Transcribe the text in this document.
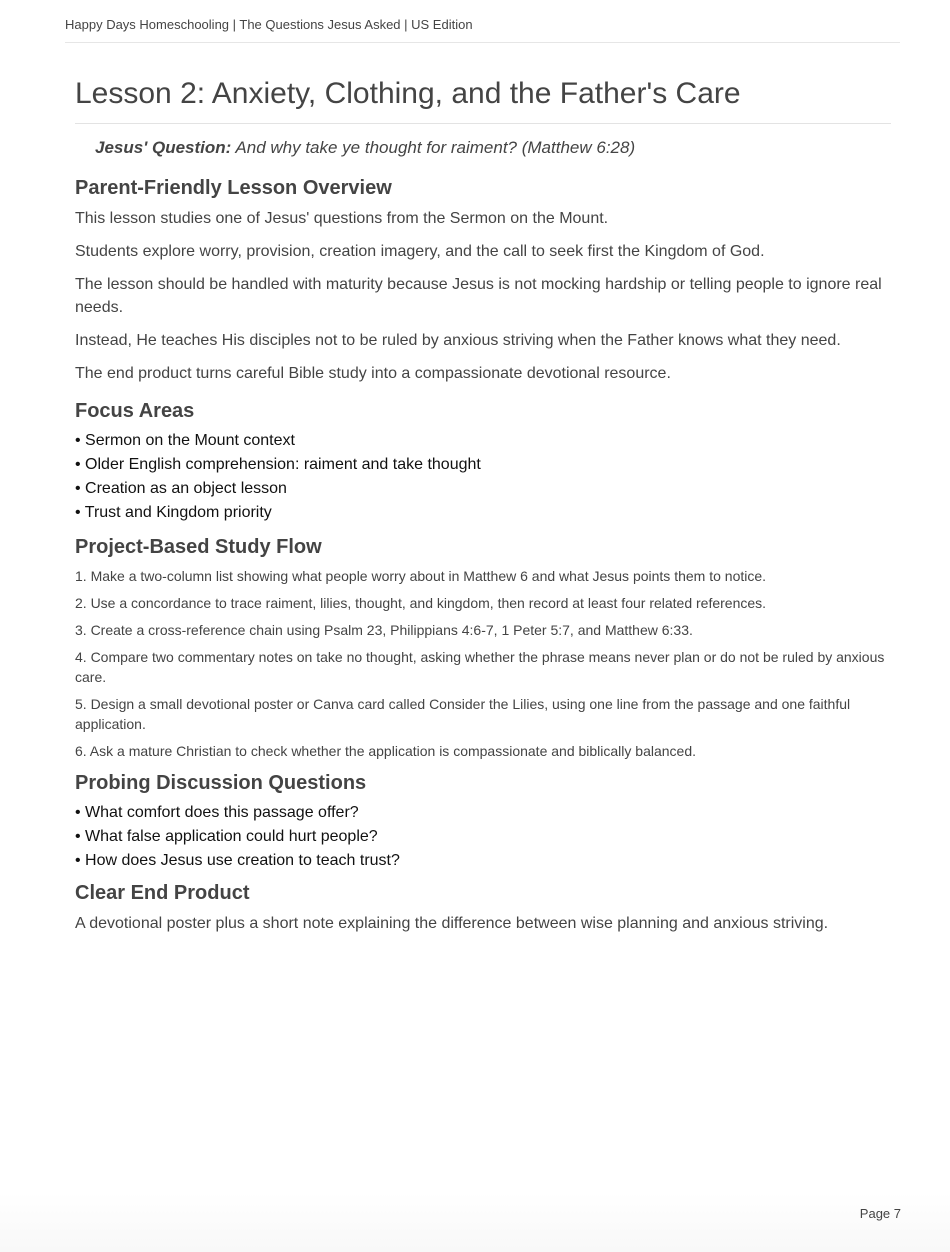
Happy Days Homeschooling | The Questions Jesus Asked | US Edition
Lesson 2: Anxiety, Clothing, and the Father's Care

Jesus' Question: And why take ye thought for raiment? (Matthew 6:28)

Parent-Friendly Lesson Overview

This lesson studies one of Jesus' questions from the Sermon on the Mount.

Students explore worry, provision, creation imagery, and the call to seek first the Kingdom of God.

The lesson should be handled with maturity because Jesus is not mocking hardship or telling people to ignore real needs.

Instead, He teaches His disciples not to be ruled by anxious striving when the Father knows what they need.

The end product turns careful Bible study into a compassionate devotional resource.

Focus Areas
• Sermon on the Mount context
• Older English comprehension: raiment and take thought
• Creation as an object lesson
• Trust and Kingdom priority
Project-Based Study Flow
1. Make a two-column list showing what people worry about in Matthew 6 and what Jesus points them to notice.
2. Use a concordance to trace raiment, lilies, thought, and kingdom, then record at least four related references.
3. Create a cross-reference chain using Psalm 23, Philippians 4:6-7, 1 Peter 5:7, and Matthew 6:33.
4. Compare two commentary notes on take no thought, asking whether the phrase means never plan or do not be ruled by anxious care.
5. Design a small devotional poster or Canva card called Consider the Lilies, using one line from the passage and one faithful application.
6. Ask a mature Christian to check whether the application is compassionate and biblically balanced.
Probing Discussion Questions
• What comfort does this passage offer?
• What false application could hurt people?
• How does Jesus use creation to teach trust?
Clear End Product

A devotional poster plus a short note explaining the difference between wise planning and anxious striving.

Page 7
